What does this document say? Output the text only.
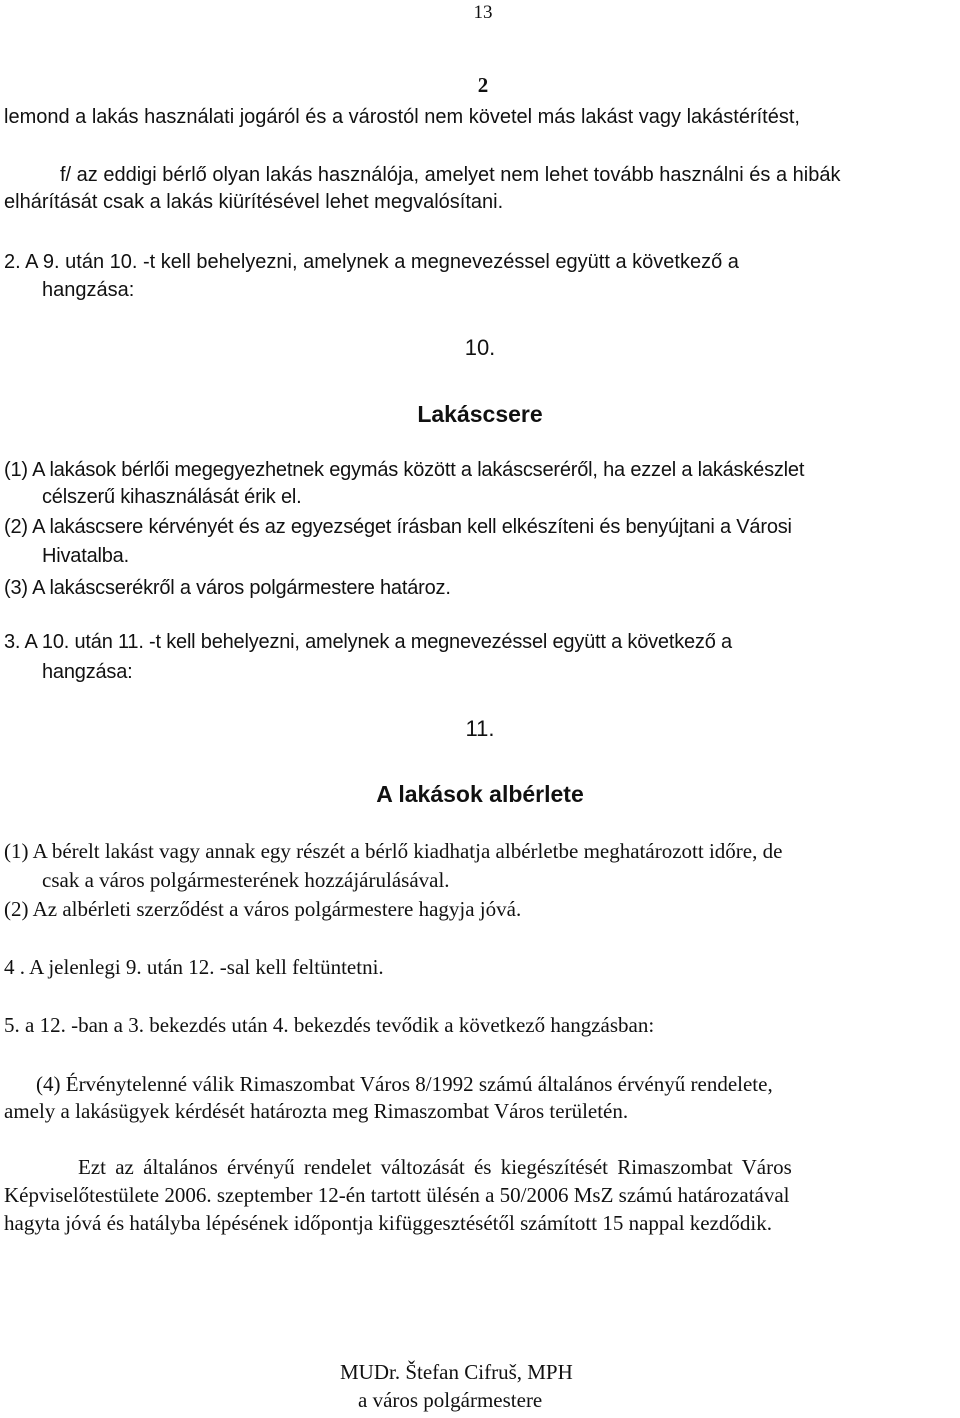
13
2
lemond a lakás használati jogáról és a várostól nem követel más lakást vagy lakástérítést,
f/ az eddigi bérlő olyan lakás használója, amelyet nem lehet tovább használni és a hibák
elhárítását csak a lakás kiürítésével lehet megvalósítani.
2. A 9. után 10. -t kell behelyezni, amelynek a megnevezéssel együtt a következő a
hangzása:
10.
Lakáscsere
(1) A lakások bérlői megegyezhetnek egymás között a lakáscseréről, ha ezzel a lakáskészlet
célszerű kihasználását érik el.
(2) A lakáscsere kérvényét és az egyezséget írásban kell elkészíteni és benyújtani a Városi
Hivatalba.
(3) A lakáscserékről a város polgármestere határoz.
3. A 10. után 11. -t kell behelyezni, amelynek a megnevezéssel együtt a következő a
hangzása:
11.
A lakások albérlete
(1) A bérelt lakást vagy annak egy részét a bérlő kiadhatja albérletbe meghatározott időre, de
csak a város polgármesterének hozzájárulásával.
(2) Az albérleti szerződést a város polgármestere hagyja jóvá.
4 . A jelenlegi 9. után 12. -sal kell feltüntetni.
5. a 12. -ban a 3. bekezdés után 4. bekezdés tevődik a következő hangzásban:
(4) Érvénytelenné válik Rimaszombat Város 8/1992 számú általános érvényű rendelete,
amely a lakásügyek kérdését határozta meg Rimaszombat Város területén.
Ezt az általános érvényű rendelet változását és kiegészítését Rimaszombat Város
Képviselőtestülete 2006. szeptember 12-én tartott ülésén a 50/2006 MsZ számú határozatával
hagyta jóvá és hatályba lépésének időpontja kifüggesztésétől számított 15 nappal kezdődik.
MUDr. Štefan Cifruš, MPH
a város polgármestere
